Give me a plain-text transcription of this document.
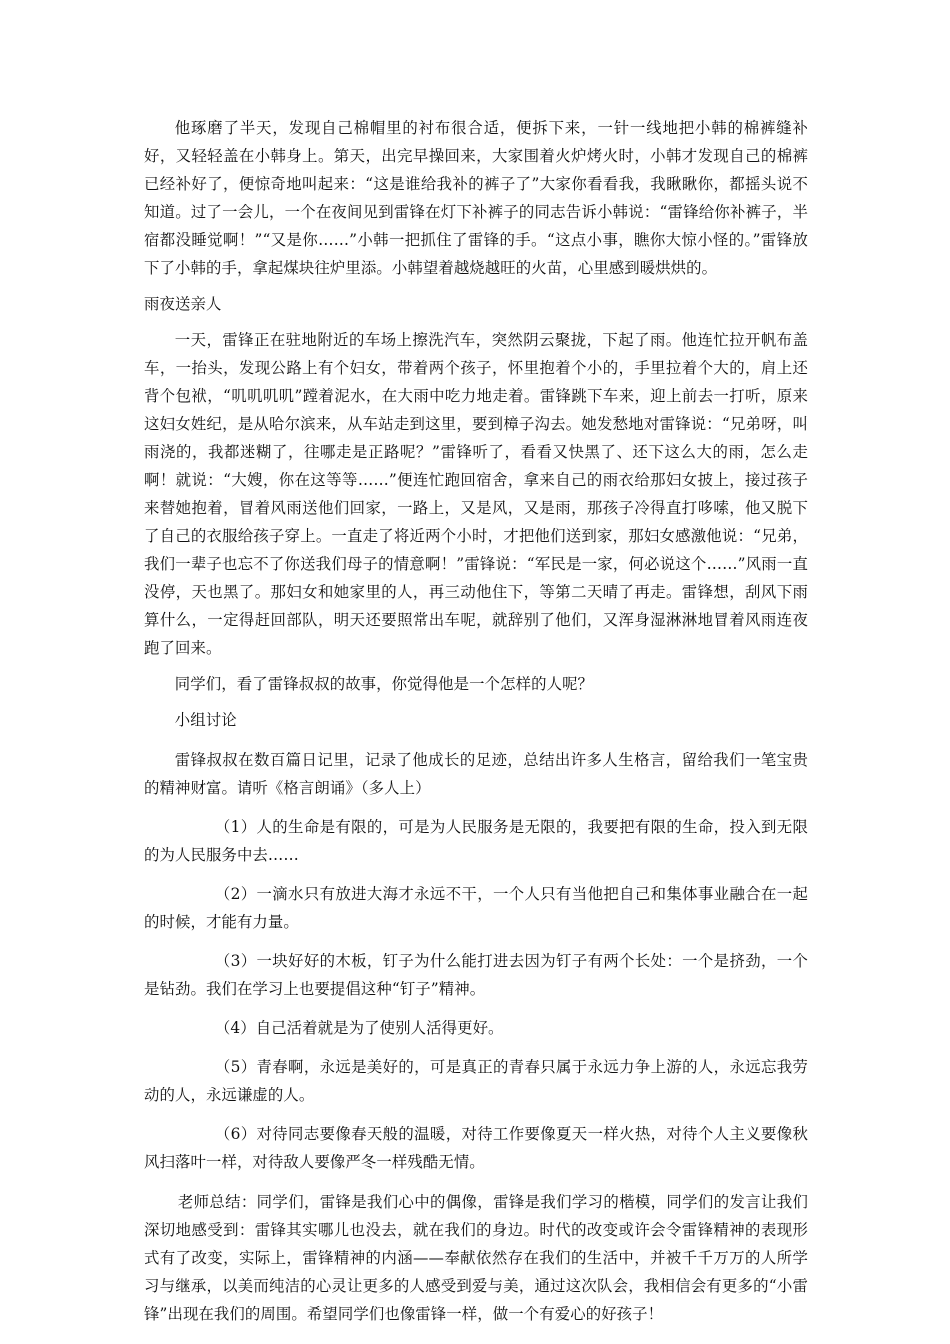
他琢磨了半天，发现自己棉帽里的衬布很合适，便拆下来，一针一线地把小韩的棉裤缝补好，又轻轻盖在小韩身上。第天，出完早操回来，大家围着火炉烤火时，小韩才发现自己的棉裤已经补好了，便惊奇地叫起来：“这是谁给我补的裤子了”大家你看看我，我瞅瞅你，都摇头说不知道。过了一会儿，一个在夜间见到雷锋在灯下补裤子的同志告诉小韩说：“雷锋给你补裤子，半宿都没睡觉啊！”“又是你……”小韩一把抓住了雷锋的手。“这点小事，瞧你大惊小怪的。”雷锋放下了小韩的手，拿起煤块往炉里添。小韩望着越烧越旺的火苗，心里感到暖烘烘的。

雨夜送亲人

一天，雷锋正在驻地附近的车场上擦洗汽车，突然阴云聚拢，下起了雨。他连忙拉开帆布盖车，一抬头，发现公路上有个妇女，带着两个孩子，怀里抱着个小的，手里拉着个大的，肩上还背个包袱，“叽叽叽叽”蹚着泥水，在大雨中吃力地走着。雷锋跳下车来，迎上前去一打听，原来这妇女姓纪，是从哈尔滨来，从车站走到这里，要到樟子沟去。她发愁地对雷锋说：“兄弟呀，叫雨浇的，我都迷糊了，往哪走是正路呢？”雷锋听了，看看又快黑了、还下这么大的雨，怎么走啊！就说：“大嫂，你在这等等……”便连忙跑回宿舍，拿来自己的雨衣给那妇女披上，接过孩子来替她抱着，冒着风雨送他们回家，一路上，又是风，又是雨，那孩子冷得直打哆嗦，他又脱下了自己的衣服给孩子穿上。一直走了将近两个小时，才把他们送到家，那妇女感激他说：“兄弟，我们一辈子也忘不了你送我们母子的情意啊！”雷锋说：“军民是一家，何必说这个……”风雨一直没停，天也黑了。那妇女和她家里的人，再三动他住下，等第二天晴了再走。雷锋想，刮风下雨算什么，一定得赶回部队，明天还要照常出车呢，就辞别了他们，又浑身湿淋淋地冒着风雨连夜跑了回来。

同学们，看了雷锋叔叔的故事，你觉得他是一个怎样的人呢？

小组讨论

雷锋叔叔在数百篇日记里，记录了他成长的足迹，总结出许多人生格言，留给我们一笔宝贵的精神财富。请听《格言朗诵》（多人上）

（1）人的生命是有限的，可是为人民服务是无限的，我要把有限的生命，投入到无限的为人民服务中去……

（2）一滴水只有放进大海才永远不干，一个人只有当他把自己和集体事业融合在一起的时候，才能有力量。

（3）一块好好的木板，钉子为什么能打进去因为钉子有两个长处：一个是挤劲，一个是钻劲。我们在学习上也要提倡这种“钉子”精神。

（4）自己活着就是为了使别人活得更好。

（5）青春啊，永远是美好的，可是真正的青春只属于永远力争上游的人，永远忘我劳动的人，永远谦虚的人。

（6）对待同志要像春天般的温暖，对待工作要像夏天一样火热，对待个人主义要像秋风扫落叶一样，对待敌人要像严冬一样残酷无情。

老师总结：同学们，雷锋是我们心中的偶像，雷锋是我们学习的楷模，同学们的发言让我们深切地感受到：雷锋其实哪儿也没去，就在我们的身边。时代的改变或许会令雷锋精神的表现形式有了改变，实际上，雷锋精神的内涵——奉献依然存在我们的生活中，并被千千万万的人所学习与继承，以美而纯洁的心灵让更多的人感受到爱与美，通过这次队会，我相信会有更多的“小雷锋”出现在我们的周围。希望同学们也像雷锋一样，做一个有爱心的好孩子！
